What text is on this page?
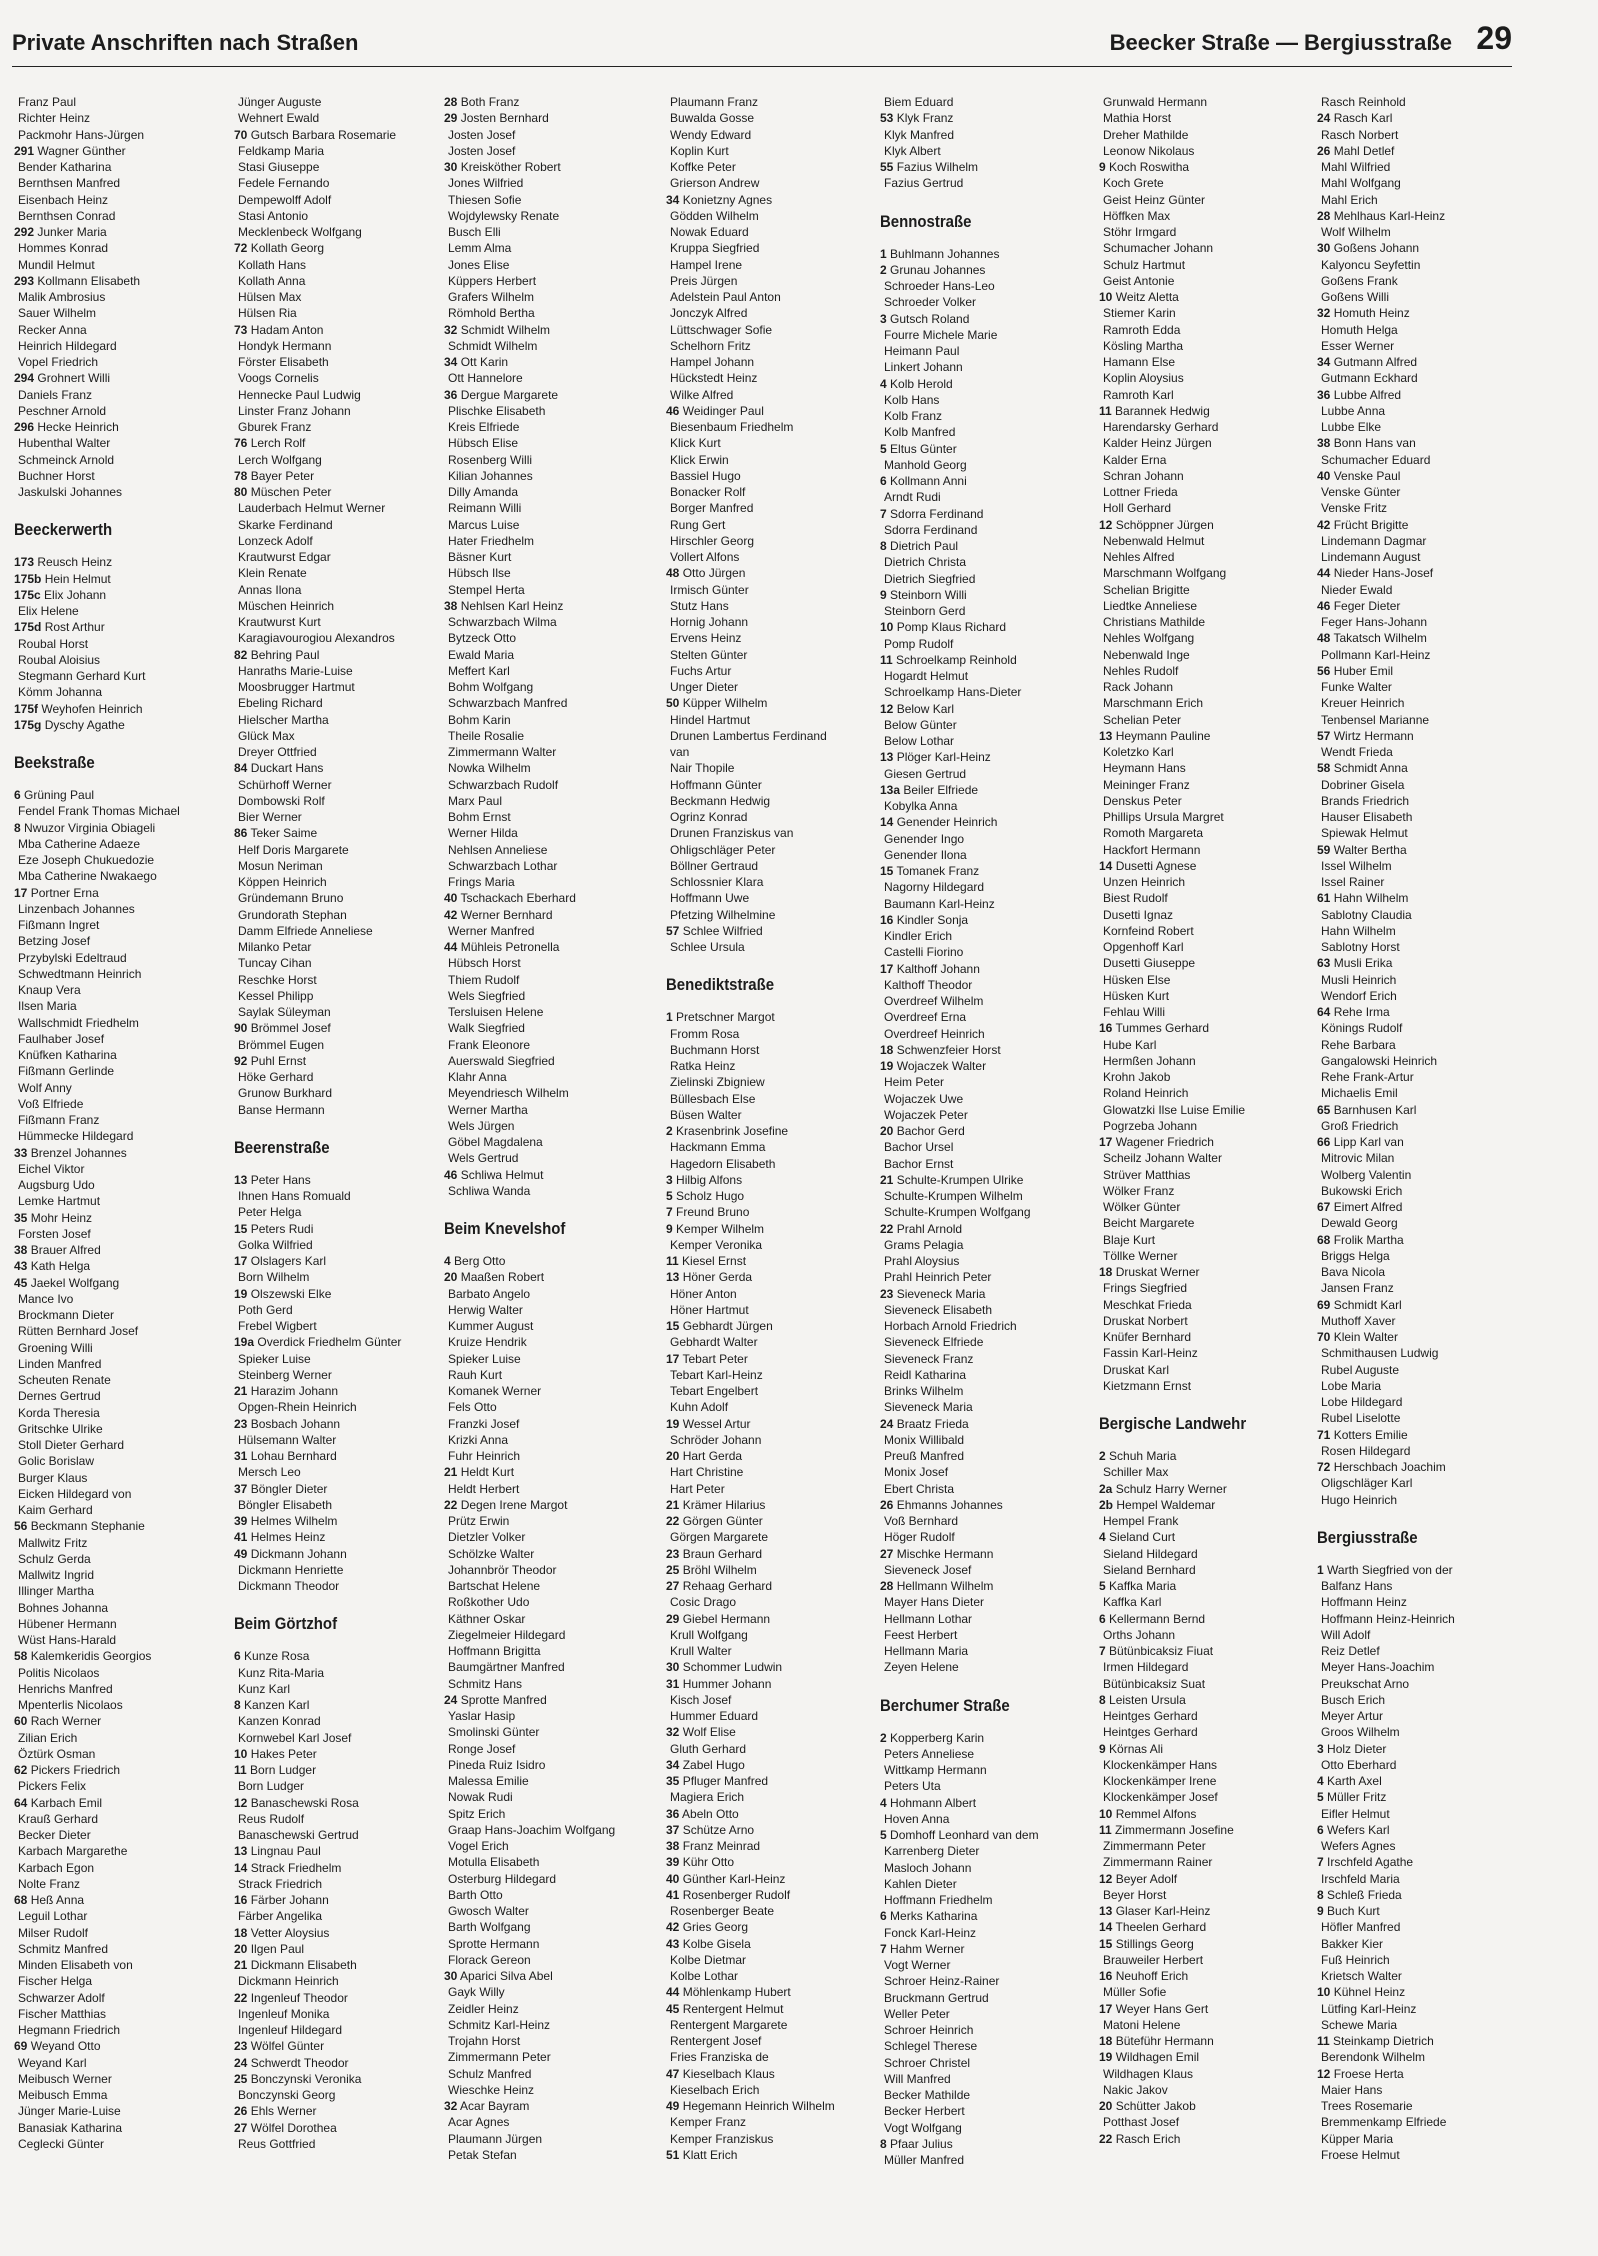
Private Anschriften nach Straßen	Beecker Straße — Bergiusstraße 29
Franz Paul
Richter Heinz
Packmohr Hans-Jürgen
291 Wagner Günther
Bender Katharina
Bernthsen Manfred
Eisenbach Heinz
Bernthsen Conrad
292 Junker Maria
Hommes Konrad
Mundil Helmut
293 Kollmann Elisabeth
Malik Ambrosius
Sauer Wilhelm
Recker Anna
Heinrich Hildegard
Vopel Friedrich
294 Grohnert Willi
Daniels Franz
Peschner Arnold
296 Hecke Heinrich
Hubenthal Walter
Schmeinck Arnold
Buchner Horst
Jaskulski Johannes
Beeckerwerth
173 Reusch Heinz
175b Hein Helmut
175c Elix Johann
Elix Helene
175d Rost Arthur
Roubal Horst
Roubal Aloisius
Stegmann Gerhard Kurt
Kömm Johanna
175f Weyhofen Heinrich
175g Dyschy Agathe
Beekstraße
6 Grüning Paul
Fendel Frank Thomas Michael
8 Nwuzor Virginia Obiageli
Mba Catherine Adaeze
Eze Joseph Chukuedozie
Mba Catherine Nwakaego
17 Portner Erna
Linzenbach Johannes
Fißmann Ingret
Betzing Josef
Przybylski Edeltraud
Schwedtmann Heinrich
Knaup Vera
Ilsen Maria
Wallschmidt Friedhelm
Faulhaber Josef
Knüfken Katharina
Fißmann Gerlinde
Wolf Anny
Voß Elfriede
Fißmann Franz
Hümmecke Hildegard
33 Brenzel Johannes
Eichel Viktor
Augsburg Udo
Lemke Hartmut
35 Mohr Heinz
Forsten Josef
38 Brauer Alfred
43 Kath Helga
45 Jaekel Wolfgang
Mance Ivo
Brockmann Dieter
Rütten Bernhard Josef
Groening Willi
Linden Manfred
Scheuten Renate
Dernes Gertrud
Korda Theresia
Gritschke Ulrike
Stoll Dieter Gerhard
Golic Borislaw
Burger Klaus
Eicken Hildegard von
Kaim Gerhard
56 Beckmann Stephanie
Mallwitz Fritz
Schulz Gerda
Mallwitz Ingrid
Illinger Martha
Bohnes Johanna
Hübener Hermann
Wüst Hans-Harald
58 Kalemkeridis Georgios
Politis Nicolaos
Henrichs Manfred
Mpenterlis Nicolaos
60 Rach Werner
Zilian Erich
Öztürk Osman
62 Pickers Friedrich
Pickers Felix
64 Karbach Emil
Krauß Gerhard
Becker Dieter
Karbach Margarethe
Karbach Egon
Nolte Franz
68 Heß Anna
Leguil Lothar
Milser Rudolf
Schmitz Manfred
Minden Elisabeth von
Fischer Helga
Schwarzer Adolf
Fischer Matthias
Hegmann Friedrich
69 Weyand Otto
Weyand Karl
Meibusch Werner
Meibusch Emma
Jünger Marie-Luise
Banasiak Katharina
Ceglecki Günter
Jünger Auguste
Wehnert Ewald
70 Gutsch Barbara Rosemarie
Feldkamp Maria
Stasi Giuseppe
Fedele Fernando
Dempewolff Adolf
Stasi Antonio
Mecklenbeck Wolfgang
72 Kollath Georg
Kollath Hans
Kollath Anna
Hülsen Max
Hülsen Ria
73 Hadam Anton
Hondyk Hermann
Förster Elisabeth
Voogs Cornelis
Hennecke Paul Ludwig
Linster Franz Johann
Gburek Franz
76 Lerch Rolf
Lerch Wolfgang
78 Bayer Peter
80 Müschen Peter
Lauderbach Helmut Werner
Skarke Ferdinand
Lonzeck Adolf
Krautwurst Edgar
Klein Renate
Annas Ilona
Müschen Heinrich
Krautwurst Kurt
Karagiavourogiou Alexandros
82 Behring Paul
Hanraths Marie-Luise
Moosbrugger Hartmut
Ebeling Richard
Hielscher Martha
Glück Max
Dreyer Ottfried
84 Duckart Hans
Schürhoff Werner
Dombowski Rolf
Bier Werner
86 Teker Saime
Helf Doris Margarete
Mosun Neriman
Köppen Heinrich
Gründemann Bruno
Grundorath Stephan
Damm Elfriede Anneliese
Milanko Petar
Tuncay Cihan
Reschke Horst
Kessel Philipp
Saylak Süleyman
90 Brömmel Josef
Brömmel Eugen
92 Puhl Ernst
Höke Gerhard
Grunow Burkhard
Banse Hermann
Beerenstraße
13 Peter Hans
Ihnen Hans Romuald
Peter Helga
15 Peters Rudi
Golka Wilfried
17 Olslagers Karl
Born Wilhelm
19 Olszewski Elke
Poth Gerd
Frebel Wigbert
19a Overdick Friedhelm Günter
Spieker Luise
Steinberg Werner
21 Harazim Johann
Opgen-Rhein Heinrich
23 Bosbach Johann
Hülsemann Walter
31 Lohau Bernhard
Mersch Leo
37 Böngler Dieter
Böngler Elisabeth
39 Helmes Wilhelm
41 Helmes Heinz
49 Dickmann Johann
Dickmann Henriette
Dickmann Theodor
Beim Görtzhof
6 Kunze Rosa
Kunz Rita-Maria
Kunz Karl
8 Kanzen Karl
Kanzen Konrad
Kornwebel Karl Josef
10 Hakes Peter
11 Born Ludger
Born Ludger
12 Banaschewski Rosa
Reus Rudolf
Banaschewski Gertrud
13 Lingnau Paul
14 Strack Friedhelm
Strack Friedrich
16 Färber Johann
Färber Angelika
18 Vetter Aloysius
20 Ilgen Paul
21 Dickmann Elisabeth
Dickmann Heinrich
22 Ingenleuf Theodor
Ingenleuf Monika
Ingenleuf Hildegard
23 Wölfel Günter
24 Schwerdt Theodor
25 Bonczynski Veronika
Bonczynski Georg
26 Ehls Werner
27 Wölfel Dorothea
Reus Gottfried
28 Both Franz
29 Josten Bernhard
Josten Josef
Josten Josef
30 Kreisköther Robert
Jones Wilfried
Thiesen Sofie
Wojdylewsky Renate
Busch Elli
Lemm Alma
Jones Elise
Küppers Herbert
Grafers Wilhelm
Römhold Bertha
32 Schmidt Wilhelm
Schmidt Wilhelm
34 Ott Karin
Ott Hannelore
36 Dergue Margarete
Plischke Elisabeth
Kreis Elfriede
Hübsch Elise
Rosenberg Willi
Kilian Johannes
Dilly Amanda
Reimann Willi
Marcus Luise
Hater Friedhelm
Bäsner Kurt
Hübsch Ilse
Stempel Herta
38 Nehlsen Karl Heinz
Schwarzbach Wilma
Bytzeck Otto
Ewald Maria
Meffert Karl
Bohm Wolfgang
Schwarzbach Manfred
Bohm Karin
Theile Rosalie
Zimmermann Walter
Nowka Wilhelm
Schwarzbach Rudolf
Marx Paul
Bohm Ernst
Werner Hilda
Nehlsen Anneliese
Schwarzbach Lothar
Frings Maria
40 Tschackach Eberhard
42 Werner Bernhard
Werner Manfred
44 Mühleis Petronella
Hübsch Horst
Thiem Rudolf
Wels Siegfried
Tersluisen Helene
Walk Siegfried
Frank Eleonore
Auerswald Siegfried
Klahr Anna
Meyendriesch Wilhelm
Werner Martha
Wels Jürgen
Göbel Magdalena
Wels Gertrud
46 Schliwa Helmut
Schliwa Wanda
Beim Knevelshof
4 Berg Otto
20 Maaßen Robert
Barbato Angelo
Herwig Walter
Kummer August
Kruize Hendrik
Spieker Luise
Rauh Kurt
Komanek Werner
Fels Otto
Franzki Josef
Krizki Anna
Fuhr Heinrich
21 Heldt Kurt
Heldt Herbert
22 Degen Irene Margot
Prütz Erwin
Dietzler Volker
Schölzke Walter
Johannbrör Theodor
Bartschat Helene
Roßkother Udo
Käthner Oskar
Ziegelmeier Hildegard
Hoffmann Brigitta
Baumgärtner Manfred
Schmitz Hans
24 Sprotte Manfred
Yaslar Hasip
Smolinski Günter
Ronge Josef
Pineda Ruiz Isidro
Malessa Emilie
Nowak Rudi
Spitz Erich
Graap Hans-Joachim Wolfgang
Vogel Erich
Motulla Elisabeth
Osterburg Hildegard
Barth Otto
Gwosch Walter
Barth Wolfgang
Sprotte Hermann
Florack Gereon
30 Aparici Silva Abel
Gayk Willy
Zeidler Heinz
Schmitz Karl-Heinz
Trojahn Horst
Zimmermann Peter
Schulz Manfred
Wieschke Heinz
32 Acar Bayram
Acar Agnes
Plaumann Jürgen
Petak Stefan
Plaumann Franz
Buwalda Gosse
Wendy Edward
Koplin Kurt
Koffke Peter
Grierson Andrew
34 Konietzny Agnes
Gödden Wilhelm
Nowak Eduard
Kruppa Siegfried
Hampel Irene
Preis Jürgen
Adelstein Paul Anton
Jonczyk Alfred
Lüttschwager Sofie
Schelhorn Fritz
Hampel Johann
Hückstedt Heinz
Wilke Alfred
46 Weidinger Paul
Biesenbaum Friedhelm
Klick Kurt
Klick Erwin
Bassiel Hugo
Bonacker Rolf
Borger Manfred
Rung Gert
Hirschler Georg
Vollert Alfons
48 Otto Jürgen
Irmisch Günter
Stutz Hans
Hornig Johann
Ervens Heinz
Stelten Günter
Fuchs Artur
Unger Dieter
50 Küpper Wilhelm
Hindel Hartmut
Drunen Lambertus Ferdinand
van
Nair Thopile
Hoffmann Günter
Beckmann Hedwig
Ogrinz Konrad
Drunen Franziskus van
Ohligschläger Peter
Böllner Gertraud
Schlossnier Klara
Hoffmann Uwe
Pfetzing Wilhelmine
57 Schlee Wilfried
Schlee Ursula
Benediktstraße
1 Pretschner Margot
Fromm Rosa
Buchmann Horst
Ratka Heinz
Zielinski Zbigniew
Büllesbach Else
Büsen Walter
2 Krasenbrink Josefine
Hackmann Emma
Hagedorn Elisabeth
3 Hilbig Alfons
5 Scholz Hugo
7 Freund Bruno
9 Kemper Wilhelm
Kemper Veronika
11 Kiesel Ernst
13 Höner Gerda
Höner Anton
Höner Hartmut
15 Gebhardt Jürgen
Gebhardt Walter
17 Tebart Peter
Tebart Karl-Heinz
Tebart Engelbert
Kuhn Adolf
19 Wessel Artur
Schröder Johann
20 Hart Gerda
Hart Christine
Hart Peter
21 Krämer Hilarius
22 Görgen Günter
Görgen Margarete
23 Braun Gerhard
25 Bröhl Wilhelm
27 Rehaag Gerhard
Cosic Drago
29 Giebel Hermann
Krull Wolfgang
Krull Walter
30 Schommer Ludwin
31 Hummer Johann
Kisch Josef
Hummer Eduard
32 Wolf Elise
Gluth Gerhard
34 Zabel Hugo
35 Pfluger Manfred
Magiera Erich
36 Abeln Otto
37 Schütze Arno
38 Franz Meinrad
39 Kühr Otto
40 Günther Karl-Heinz
41 Rosenberger Rudolf
Rosenberger Beate
42 Gries Georg
43 Kolbe Gisela
Kolbe Dietmar
Kolbe Lothar
44 Möhlenkamp Hubert
45 Rentergent Helmut
Rentergent Margarete
Rentergent Josef
Fries Franziska de
47 Kieselbach Klaus
Kieselbach Erich
49 Hegemann Heinrich Wilhelm
Kemper Franz
Kemper Franziskus
51 Klatt Erich
Biem Eduard
53 Klyk Franz
Klyk Manfred
Klyk Albert
55 Fazius Wilhelm
Fazius Gertrud
Bennostraße
1 Buhlmann Johannes
2 Grunau Johannes
Schroeder Hans-Leo
Schroeder Volker
3 Gutsch Roland
Fourre Michele Marie
Heimann Paul
Linkert Johann
4 Kolb Herold
Kolb Hans
Kolb Franz
Kolb Manfred
5 Eltus Günter
Manhold Georg
6 Kollmann Anni
Arndt Rudi
7 Sdorra Ferdinand
Sdorra Ferdinand
8 Dietrich Paul
Dietrich Christa
Dietrich Siegfried
9 Steinborn Willi
Steinborn Gerd
10 Pomp Klaus Richard
Pomp Rudolf
11 Schroelkamp Reinhold
Hogardt Helmut
Schroelkamp Hans-Dieter
12 Below Karl
Below Günter
Below Lothar
13 Plöger Karl-Heinz
Giesen Gertrud
13a Beiler Elfriede
Kobylka Anna
14 Genender Heinrich
Genender Ingo
Genender Ilona
15 Tomanek Franz
Nagorny Hildegard
Baumann Karl-Heinz
16 Kindler Sonja
Kindler Erich
Castelli Fiorino
17 Kalthoff Johann
Kalthoff Theodor
Overdreef Wilhelm
Overdreef Erna
Overdreef Heinrich
18 Schwenzfeier Horst
19 Wojaczek Walter
Heim Peter
Wojaczek Uwe
Wojaczek Peter
20 Bachor Gerd
Bachor Ursel
Bachor Ernst
21 Schulte-Krumpen Ulrike
Schulte-Krumpen Wilhelm
Schulte-Krumpen Wolfgang
22 Prahl Arnold
Grams Pelagia
Prahl Aloysius
Prahl Heinrich Peter
23 Sieveneck Maria
Sieveneck Elisabeth
Horbach Arnold Friedrich
Sieveneck Elfriede
Sieveneck Franz
Reidl Katharina
Brinks Wilhelm
Sieveneck Maria
24 Braatz Frieda
Monix Willibald
Preuß Manfred
Monix Josef
Ebert Christa
26 Ehmanns Johannes
Voß Bernhard
Höger Rudolf
27 Mischke Hermann
Sieveneck Josef
28 Hellmann Wilhelm
Mayer Hans Dieter
Hellmann Lothar
Feest Herbert
Hellmann Maria
Zeyen Helene
Berchumer Straße
2 Kopperberg Karin
Peters Anneliese
Wittkamp Hermann
Peters Uta
4 Hohmann Albert
Hoven Anna
5 Domhoff Leonhard van dem
Karrenberg Dieter
Masloch Johann
Kahlen Dieter
Hoffmann Friedhelm
6 Merks Katharina
Fonck Karl-Heinz
7 Hahm Werner
Vogt Werner
Schroer Heinz-Rainer
Bruckmann Gertrud
Weller Peter
Schroer Heinrich
Schlegel Therese
Schroer Christel
Will Manfred
Becker Mathilde
Becker Herbert
Vogt Wolfgang
8 Pfaar Julius
Müller Manfred
Grunwald Hermann
Mathia Horst
Dreher Mathilde
Leonow Nikolaus
9 Koch Roswitha
Koch Grete
Geist Heinz Günter
Höffken Max
Stöhr Irmgard
Schumacher Johann
Schulz Hartmut
Geist Antonie
10 Weitz Aletta
Stiemer Karin
Ramroth Edda
Kösling Martha
Hamann Else
Koplin Aloysius
Ramroth Karl
11 Barannek Hedwig
Harendarsky Gerhard
Kalder Heinz Jürgen
Kalder Erna
Schran Johann
Lottner Frieda
Holl Gerhard
12 Schöppner Jürgen
Nebenwald Helmut
Nehles Alfred
Marschmann Wolfgang
Schelian Brigitte
Liedtke Anneliese
Christians Mathilde
Nehles Wolfgang
Nebenwald Inge
Nehles Rudolf
Rack Johann
Marschmann Erich
Schelian Peter
13 Heymann Pauline
Koletzko Karl
Heymann Hans
Meininger Franz
Denskus Peter
Phillips Ursula Margret
Romoth Margareta
Hackfort Hermann
14 Dusetti Agnese
Unzen Heinrich
Biest Rudolf
Dusetti Ignaz
Kornfeind Robert
Opgenhoff Karl
Dusetti Giuseppe
Hüsken Else
Hüsken Kurt
Fehlau Willi
16 Tummes Gerhard
Hube Karl
Hermßen Johann
Krohn Jakob
Roland Heinrich
Glowatzki Ilse Luise Emilie
Pogrzeba Johann
17 Wagener Friedrich
Scheilz Johann Walter
Strüver Matthias
Wölker Franz
Wölker Günter
Beicht Margarete
Blaje Kurt
Töllke Werner
18 Druskat Werner
Frings Siegfried
Meschkat Frieda
Druskat Norbert
Knüfer Bernhard
Fassin Karl-Heinz
Druskat Karl
Kietzmann Ernst
Bergische Landwehr
2 Schuh Maria
Schiller Max
2a Schulz Harry Werner
2b Hempel Waldemar
Hempel Frank
4 Sieland Curt
Sieland Hildegard
Sieland Bernhard
5 Kaffka Maria
Kaffka Karl
6 Kellermann Bernd
Orths Johann
7 Bütünbicaksiz Fiuat
Irmen Hildegard
Bütünbicaksiz Suat
8 Leisten Ursula
Heintges Gerhard
Heintges Gerhard
9 Körnas Ali
Klockenkämper Hans
Klockenkämper Irene
Klockenkämper Josef
10 Remmel Alfons
11 Zimmermann Josefine
Zimmermann Peter
Zimmermann Rainer
12 Beyer Adolf
Beyer Horst
13 Glaser Karl-Heinz
14 Theelen Gerhard
15 Stillings Georg
Brauweiler Herbert
16 Neuhoff Erich
Müller Sofie
17 Weyer Hans Gert
Matoni Helene
18 Büteführ Hermann
19 Wildhagen Emil
Wildhagen Klaus
Nakic Jakov
20 Schütter Jakob
Potthast Josef
22 Rasch Erich
Rasch Reinhold
24 Rasch Karl
Rasch Norbert
26 Mahl Detlef
Mahl Wilfried
Mahl Wolfgang
Mahl Erich
28 Mehlhaus Karl-Heinz
Wolf Wilhelm
30 Goßens Johann
Kalyoncu Seyfettin
Goßens Frank
Goßens Willi
32 Homuth Heinz
Homuth Helga
Esser Werner
34 Gutmann Alfred
Gutmann Eckhard
36 Lubbe Alfred
Lubbe Anna
Lubbe Elke
38 Bonn Hans van
Schumacher Eduard
40 Venske Paul
Venske Günter
Venske Fritz
42 Frücht Brigitte
Lindemann Dagmar
Lindemann August
44 Nieder Hans-Josef
Nieder Ewald
46 Feger Dieter
Feger Hans-Johann
48 Takatsch Wilhelm
Pollmann Karl-Heinz
56 Huber Emil
Funke Walter
Kreuer Heinrich
Tenbensel Marianne
57 Wirtz Hermann
Wendt Frieda
58 Schmidt Anna
Dobriner Gisela
Brands Friedrich
Hauser Elisabeth
Spiewak Helmut
59 Walter Bertha
Issel Wilhelm
Issel Rainer
61 Hahn Wilhelm
Sablotny Claudia
Hahn Wilhelm
Sablotny Horst
63 Musli Erika
Musli Heinrich
Wendorf Erich
64 Rehe Irma
Könings Rudolf
Rehe Barbara
Gangalowski Heinrich
Rehe Frank-Artur
Michaelis Emil
65 Barnhusen Karl
Groß Friedrich
66 Lipp Karl van
Mitrovic Milan
Wolberg Valentin
Bukowski Erich
67 Eimert Alfred
Dewald Georg
68 Frolik Martha
Briggs Helga
Bava Nicola
Jansen Franz
69 Schmidt Karl
Muthoff Xaver
70 Klein Walter
Schmithausen Ludwig
Rubel Auguste
Lobe Maria
Lobe Hildegard
Rubel Liselotte
71 Kotters Emilie
Rosen Hildegard
72 Herschbach Joachim
Oligschläger Karl
Hugo Heinrich
Bergiusstraße
1 Warth Siegfried von der
Balfanz Hans
Hoffmann Heinz
Hoffmann Heinz-Heinrich
Will Adolf
Reiz Detlef
Meyer Hans-Joachim
Preukschat Arno
Busch Erich
Meyer Artur
Groos Wilhelm
3 Holz Dieter
Otto Eberhard
4 Karth Axel
5 Müller Fritz
Eifler Helmut
6 Wefers Karl
Wefers Agnes
7 Irschfeld Agathe
Irschfeld Maria
8 Schleß Frieda
9 Buch Kurt
Höfler Manfred
Bakker Kier
Fuß Heinrich
Krietsch Walter
10 Kühnel Heinz
Lütfing Karl-Heinz
Schewe Maria
11 Steinkamp Dietrich
Berendonk Wilhelm
12 Froese Herta
Maier Hans
Trees Rosemarie
Bremmenkamp Elfriede
Küpper Maria
Froese Helmut
